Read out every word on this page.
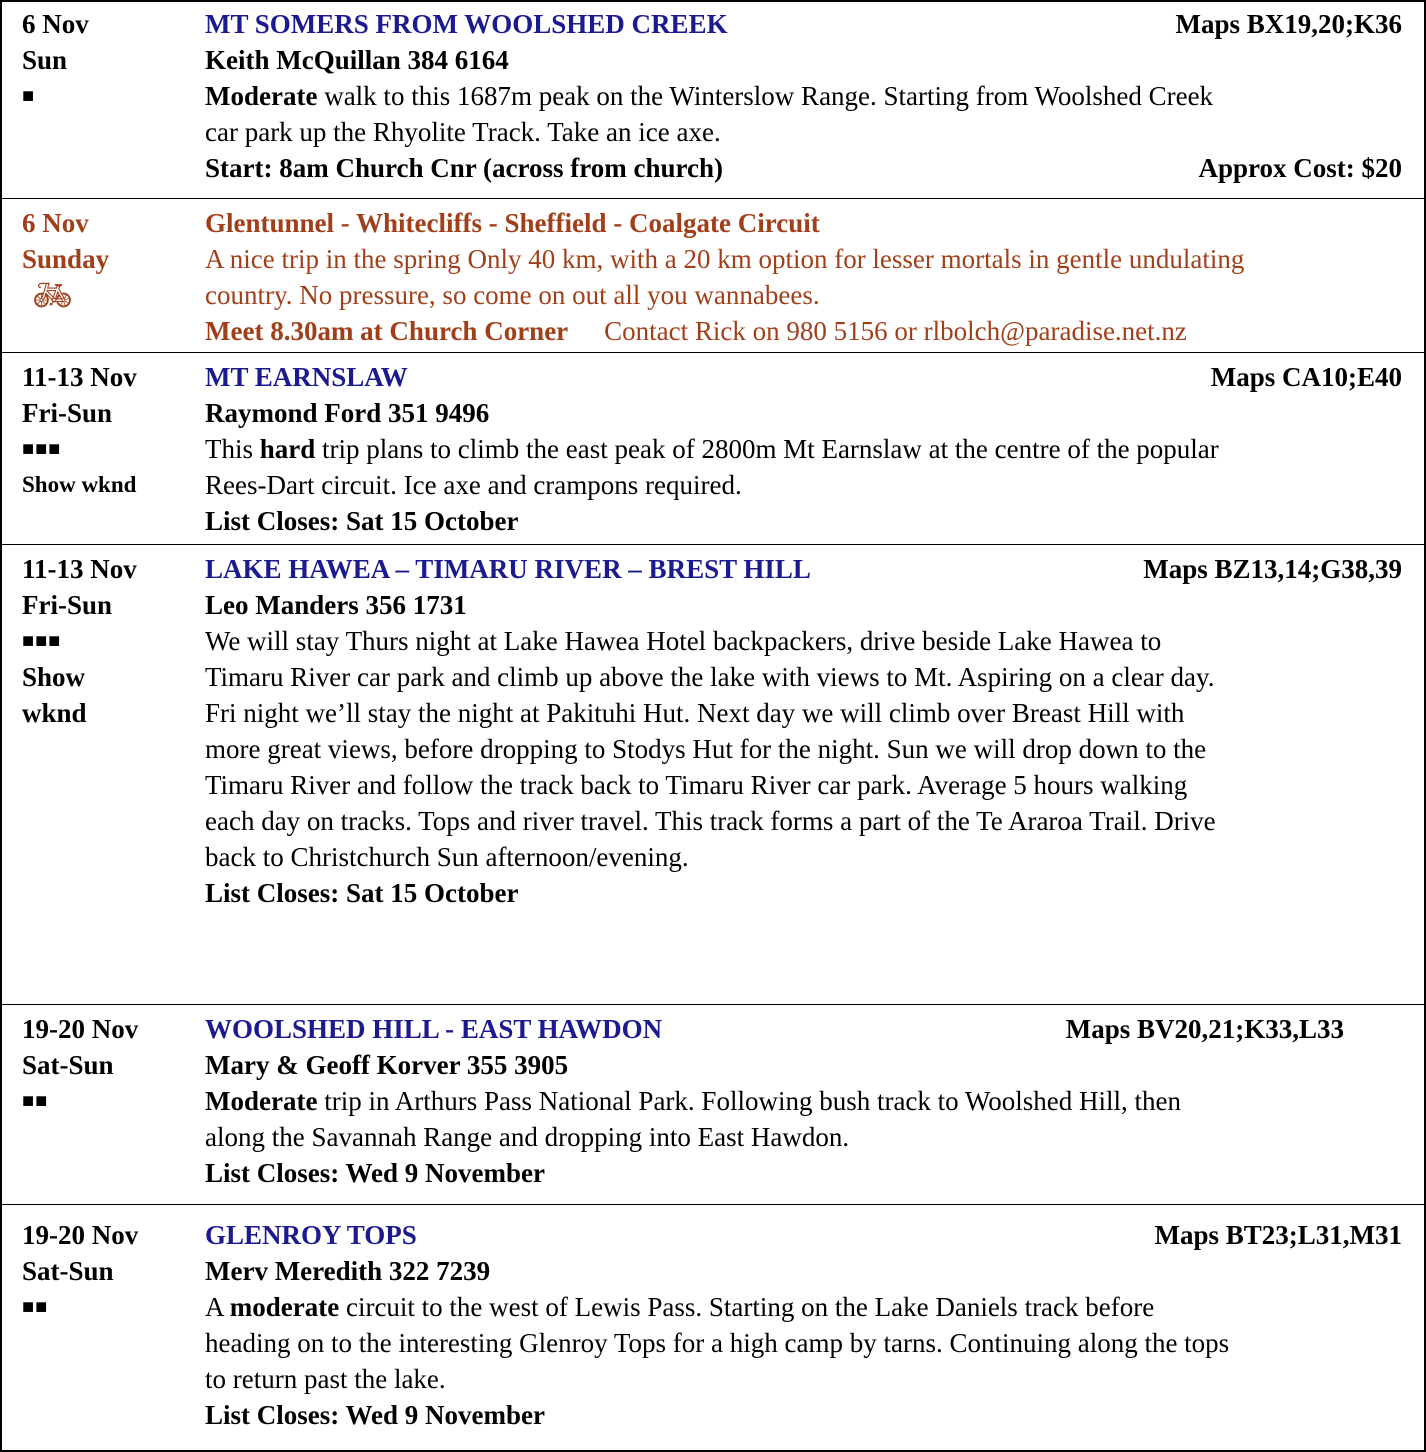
6 Nov	MT SOMERS FROM WOOLSHED CREEK	Maps BX19,20;K36
Sun	Keith McQuillan 384 6164
■	Moderate walk to this 1687m peak on the Winterslow Range. Starting from Woolshed Creek
car park up the Rhyolite Track. Take an ice axe.
Start: 8am Church Cnr (across from church)	Approx Cost: $20
6 Nov	Glentunnel - Whitecliffs - Sheffield - Coalgate Circuit
Sunday	A nice trip in the spring Only 40 km, with a 20 km option for lesser mortals in gentle undulating
🚲︎	country. No pressure, so come on out all you wannabees.
Meet 8.30am at Church Corner Contact Rick on 980 5156 or rlbolch@paradise.net.nz
11-13 Nov	MT EARNSLAW	Maps CA10;E40
Fri-Sun	Raymond Ford 351 9496
■■■	This hard trip plans to climb the east peak of 2800m Mt Earnslaw at the centre of the popular
Show wknd	Rees-Dart circuit. Ice axe and crampons required.
List Closes: Sat 15 October
11-13 Nov	LAKE HAWEA – TIMARU RIVER – BREST HILL	Maps BZ13,14;G38,39
Fri-Sun	Leo Manders 356 1731
■■■	We will stay Thurs night at Lake Hawea Hotel backpackers, drive beside Lake Hawea to
Show	Timaru River car park and climb up above the lake with views to Mt. Aspiring on a clear day.
wknd	Fri night we’ll stay the night at Pakituhi Hut. Next day we will climb over Breast Hill with
more great views, before dropping to Stodys Hut for the night. Sun we will drop down to the
Timaru River and follow the track back to Timaru River car park. Average 5 hours walking
each day on tracks. Tops and river travel. This track forms a part of the Te Araroa Trail. Drive
back to Christchurch Sun afternoon/evening.
List Closes: Sat 15 October
19-20 Nov WOOLSHED HILL - EAST HAWDON	Maps BV20,21;K33,L33
Sat-Sun	Mary & Geoff Korver 355 3905
■■	Moderate trip in Arthurs Pass National Park. Following bush track to Woolshed Hill, then
along the Savannah Range and dropping into East Hawdon.
List Closes: Wed 9 November
19-20 Nov GLENROY TOPS	Maps BT23;L31,M31
Sat-Sun	Merv Meredith 322 7239
■■	A moderate circuit to the west of Lewis Pass. Starting on the Lake Daniels track before
heading on to the interesting Glenroy Tops for a high camp by tarns. Continuing along the tops
to return past the lake.
List Closes: Wed 9 November
